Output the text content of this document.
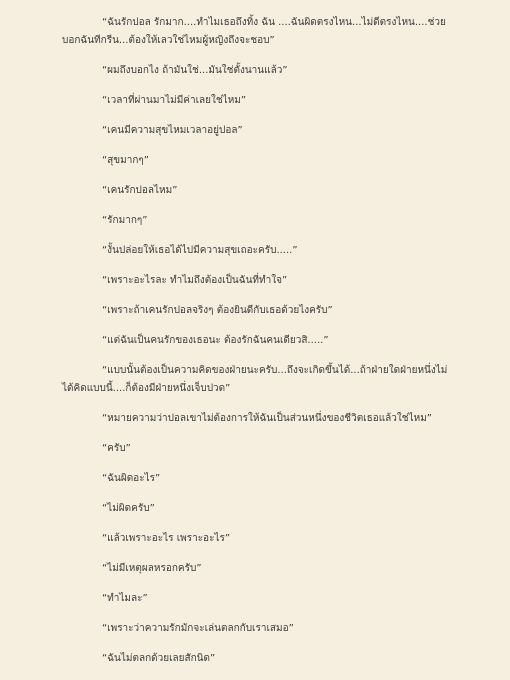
“ฉันรักปอล รักมาก....ทำไมเธอถึงทิ้ง ฉัน ....ฉันผิดตรงไหน...ไม่ดีตรงไหน....ช่วยบอกฉันทีกรีน...ต้องให้เลวใช่ไหมผู้หญิงถึงจะชอบ”

“ผมถึงบอกไง ถ้ามันใช่...มันใช่ตั้งนานแล้ว”

“เวลาที่ผ่านมาไม่มีค่าเลยใช่ไหม”

“เคนมีความสุขไหมเวลาอยู่ปอล”

“สุขมากๆ”

“เคนรักปอลไหม”

“รักมากๆ”

“งั้นปล่อยให้เธอได้ไปมีความสุขเถอะครับ.....”

“เพราะอะไรละ ทำไมถึงต้องเป็นฉันที่ทำใจ”

“เพราะถ้าเคนรักปอลจริงๆ ต้องยินดีกับเธอด้วยไงครับ”

“แต่ฉันเป็นคนรักของเธอนะ ต้องรักฉันคนเดียวสิ.....”

“แบบนั้นต้องเป็นความคิดของฝ่ายนะครับ...ถึงจะเกิดขึ้นได้...ถ้าฝ่ายใดฝ่ายหนึ่งไม่ได้คิดแบบนี้....ก็ต้องมีฝ่ายหนึ่งเจ็บปวด”

“หมายความว่าปอลเขาไม่ต้องการให้ฉันเป็นส่วนหนึ่งของชีวิตเธอแล้วใช่ไหม”

“ครับ”

“ฉันผิดอะไร”

“ไม่ผิดครับ”

“แล้วเพราะอะไร เพราะอะไร”

“ไม่มีเหตุผลหรอกครับ”

“ทำไมละ”

“เพราะว่าความรักมักจะเล่นตลกกับเราเสมอ”

“ฉันไม่ตลกด้วยเลยสักนิด”
